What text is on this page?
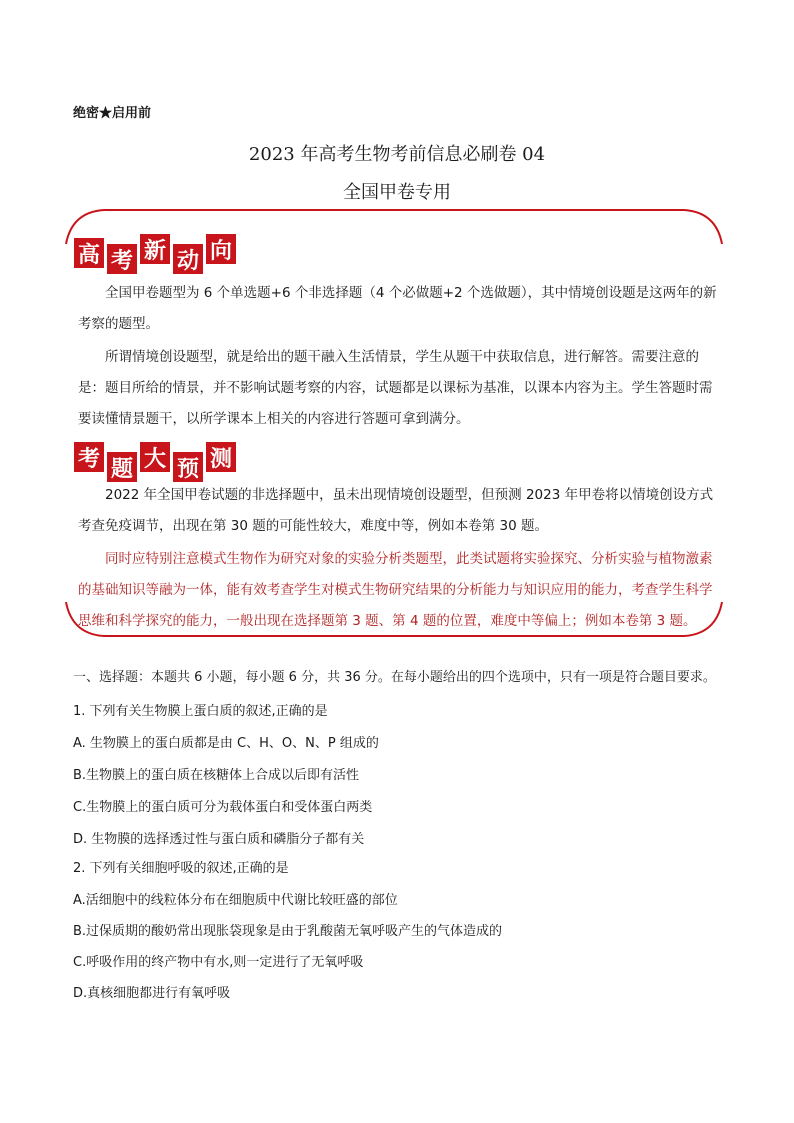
绝密★启用前
2023 年高考生物考前信息必刷卷 04
全国甲卷专用
高 考 新 动 向
全国甲卷题型为 6 个单选题+6 个非选择题（4 个必做题+2 个选做题），其中情境创设题是这两年的新考察的题型。
所谓情境创设题型，就是给出的题干融入生活情景，学生从题干中获取信息，进行解答。需要注意的是：题目所给的情景，并不影响试题考察的内容，试题都是以课标为基准，以课本内容为主。学生答题时需要读懂情景题干，以所学课本上相关的内容进行答题可拿到满分。
考 题 大 预 测
2022 年全国甲卷试题的非选择题中，虽未出现情境创设题型，但预测 2023 年甲卷将以情境创设方式考查免疫调节，出现在第 30 题的可能性较大，难度中等，例如本卷第 30 题。
同时应特别注意模式生物作为研究对象的实验分析类题型，此类试题将实验探究、分析实验与植物激素的基础知识等融为一体，能有效考查学生对模式生物研究结果的分析能力与知识应用的能力，考查学生科学思维和科学探究的能力，一般出现在选择题第 3 题、第 4 题的位置，难度中等偏上；例如本卷第 3 题。
一、选择题：本题共 6 小题，每小题 6 分，共 36 分。在每小题给出的四个选项中，只有一项是符合题目要求。
1. 下列有关生物膜上蛋白质的叙述,正确的是
A. 生物膜上的蛋白质都是由 C、H、O、N、P 组成的
B.生物膜上的蛋白质在核糖体上合成以后即有活性
C.生物膜上的蛋白质可分为载体蛋白和受体蛋白两类
D. 生物膜的选择透过性与蛋白质和磷脂分子都有关
2. 下列有关细胞呼吸的叙述,正确的是
A.活细胞中的线粒体分布在细胞质中代谢比较旺盛的部位
B.过保质期的酸奶常出现胀袋现象是由于乳酸菌无氧呼吸产生的气体造成的
C.呼吸作用的终产物中有水,则一定进行了无氧呼吸
D.真核细胞都进行有氧呼吸
